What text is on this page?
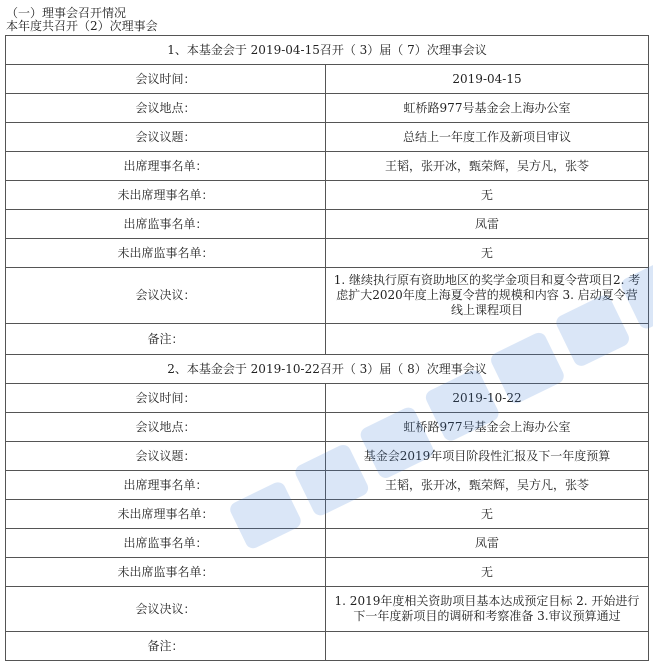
（一）理事会召开情况
本年度共召开（2）次理事会
1、本基金会于 2019-04-15召开（ 3）届（ 7）次理事会议	
会议时间：	2019-04-15
会议地点：	虹桥路977号基金会上海办公室
会议议题：	总结上一年度工作及新项目审议
出席理事名单：	王韬，张开冰，甄荣辉，吴方凡，张苓
未出席理事名单：	无
出席监事名单：	凤雷
未出席监事名单：	无
会议决议：	1. 继续执行原有资助地区的奖学金项目和夏令营项目2. 考虑扩大2020年度上海夏令营的规模和内容 3. 启动夏令营线上课程项目
备注：	
2、本基金会于 2019-10-22召开（ 3）届（ 8）次理事会议	
会议时间：	2019-10-22
会议地点：	虹桥路977号基金会上海办公室
会议议题：	基金会2019年项目阶段性汇报及下一年度预算
出席理事名单：	王韬，张开冰，甄荣辉，吴方凡，张苓
未出席理事名单：	无
出席监事名单：	凤雷
未出席监事名单：	无
会议决议：	1. 2019年度相关资助项目基本达成预定目标 2. 开始进行下一年度新项目的调研和考察准备 3.审议预算通过
备注：	
